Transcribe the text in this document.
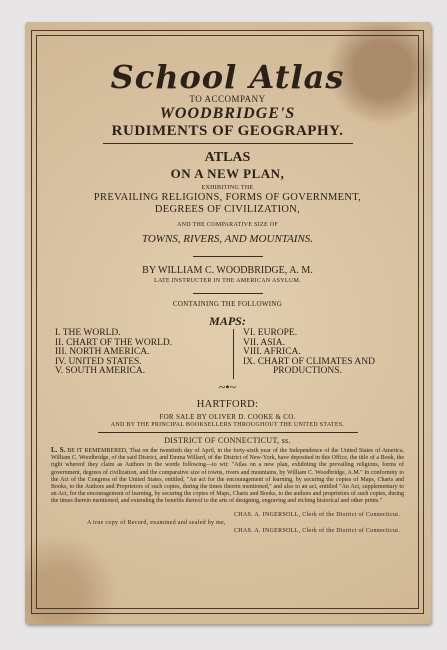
School Atlas
TO ACCOMPANY
WOODBRIDGE'S
RUDIMENTS OF GEOGRAPHY.
ATLAS
ON A NEW PLAN,
EXHIBITING THE
PREVAILING RELIGIONS, FORMS OF GOVERNMENT,
DEGREES OF CIVILIZATION,
AND THE COMPARATIVE SIZE OF
TOWNS, RIVERS, AND MOUNTAINS.
BY WILLIAM C. WOODBRIDGE, A. M.
LATE INSTRUCTER IN THE AMERICAN ASYLUM.
CONTAINING THE FOLLOWING
MAPS:
I. THE WORLD.
II. CHART OF THE WORLD.
III. NORTH AMERICA.
IV. UNITED STATES.
V. SOUTH AMERICA.
VI. EUROPE.
VII. ASIA.
VIII. AFRICA.
IX. CHART OF CLIMATES AND
PRODUCTIONS.
~•~
HARTFORD:
FOR SALE BY OLIVER D. COOKE & CO.
AND BY THE PRINCIPAL BOOKSELLERS THROUGHOUT THE UNITED STATES.
DISTRICT OF CONNECTICUT, ss.
L. S. BE IT REMEMBERED, That on the twentieth day of April, in the forty-sixth year of the Independence of the United States of America, William C. Woodbridge, of the said District, and Emma Willard, of the District of New-York, have deposited in this Office, the title of a Book, the right whereof they claim as Authors in the words following—to wit: "Atlas on a new plan, exhibiting the prevailing religions, forms of government, degrees of civilization, and the comparative size of towns, rivers and mountains, by William C. Woodbridge, A.M." In conformity to the Act of the Congress of the United States, entitled, "An act for the encouragement of learning, by securing the copies of Maps, Charts and Books, to the Authors and Proprietors of such copies, during the times therein mentioned," and also to an act, entitled "An Act, supplementary to an Act, for the encouragement of learning, by securing the copies of Maps, Charts and Books, to the authors and proprietors of such copies, during the times therein mentioned, and extending the benefits thereof to the arts of designing, engraving and etching historical and other prints."
CHAS. A. INGERSOLL, Clerk of the District of Connecticut.
A true copy of Record, examined and sealed by me,
CHAS. A. INGERSOLL, Clerk of the District of Connecticut.
